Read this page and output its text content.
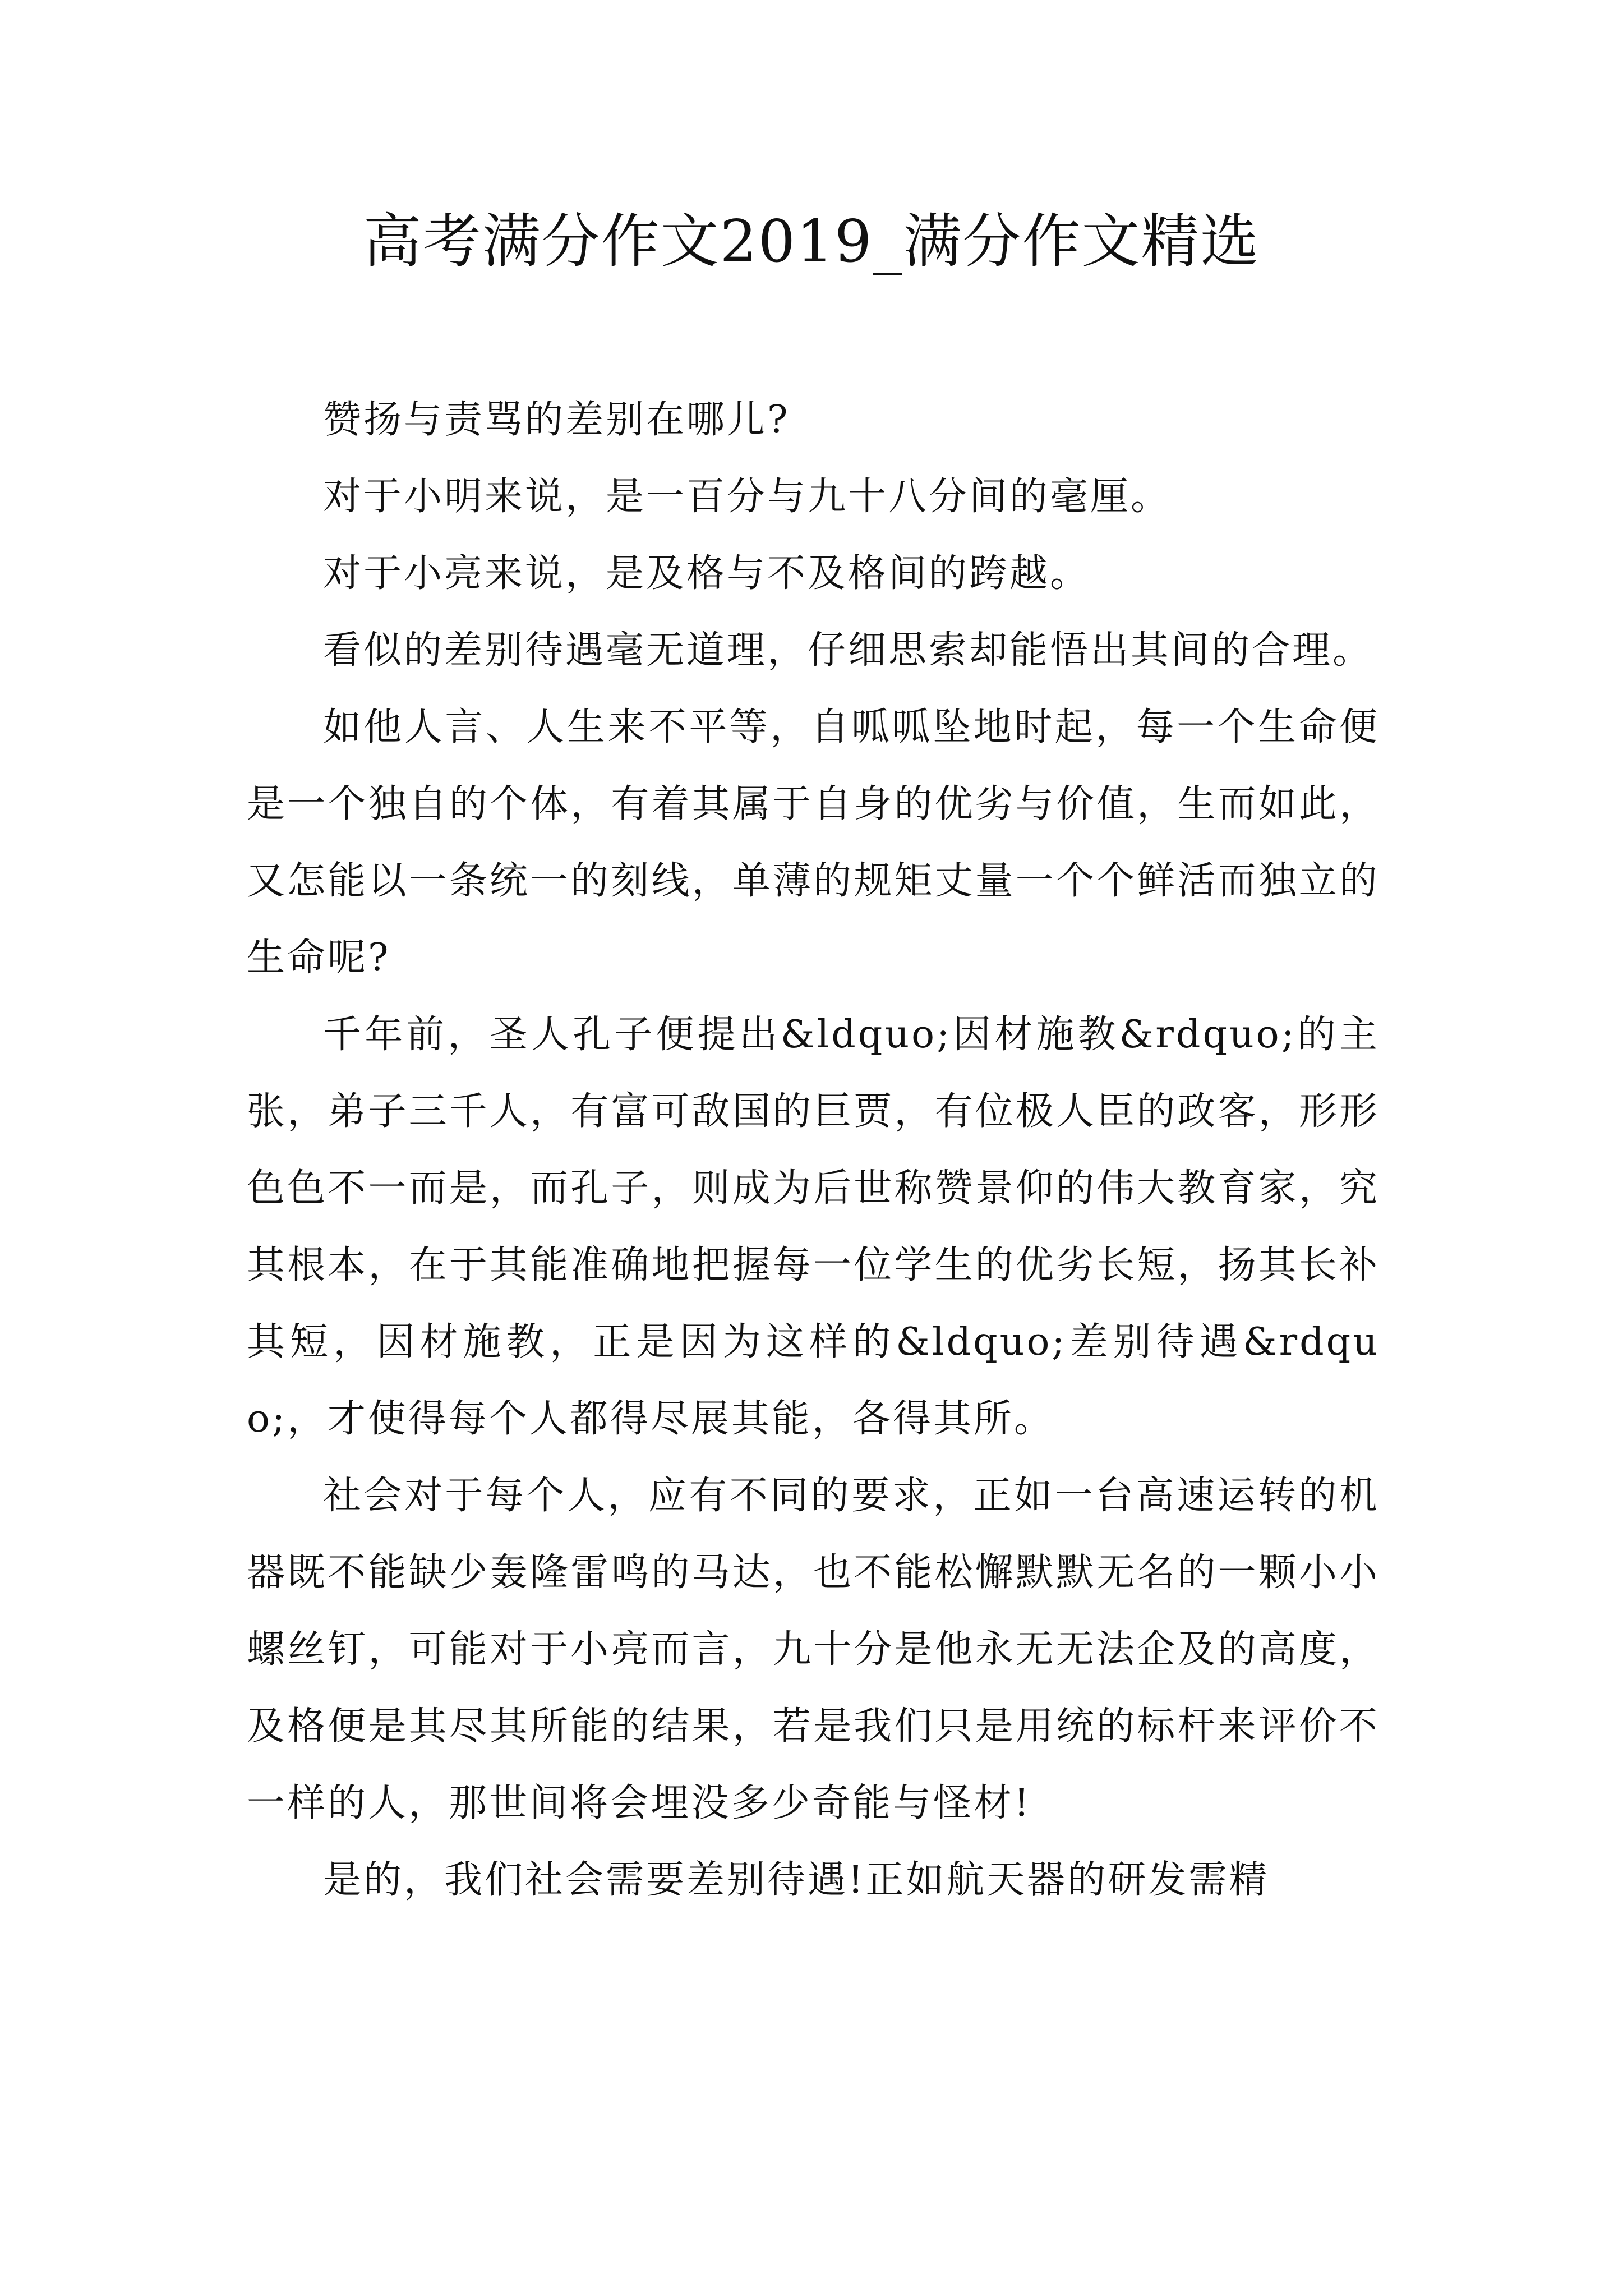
高考满分作文2019_满分作文精选

赞扬与责骂的差别在哪儿?

对于小明来说，是一百分与九十八分间的毫厘。

对于小亮来说，是及格与不及格间的跨越。

看似的差别待遇毫无道理，仔细思索却能悟出其间的合理。

如他人言、人生来不平等，自呱呱坠地时起，每一个生命便是一个独自的个体，有着其属于自身的优劣与价值，生而如此，又怎能以一条统一的刻线，单薄的规矩丈量一个个鲜活而独立的生命呢?

千年前，圣人孔子便提出&ldquo;因材施教&rdquo;的主张，弟子三千人，有富可敌国的巨贾，有位极人臣的政客，形形色色不一而是，而孔子，则成为后世称赞景仰的伟大教育家，究其根本，在于其能准确地把握每一位学生的优劣长短，扬其长补其短，因材施教，正是因为这样的&ldquo;差别待遇&rdquo;，才使得每个人都得尽展其能，各得其所。

社会对于每个人，应有不同的要求，正如一台高速运转的机器既不能缺少轰隆雷鸣的马达，也不能松懈默默无名的一颗小小螺丝钉，可能对于小亮而言，九十分是他永无无法企及的高度，及格便是其尽其所能的结果，若是我们只是用统的标杆来评价不一样的人，那世间将会埋没多少奇能与怪材!

是的，我们社会需要差别待遇!正如航天器的研发需精
